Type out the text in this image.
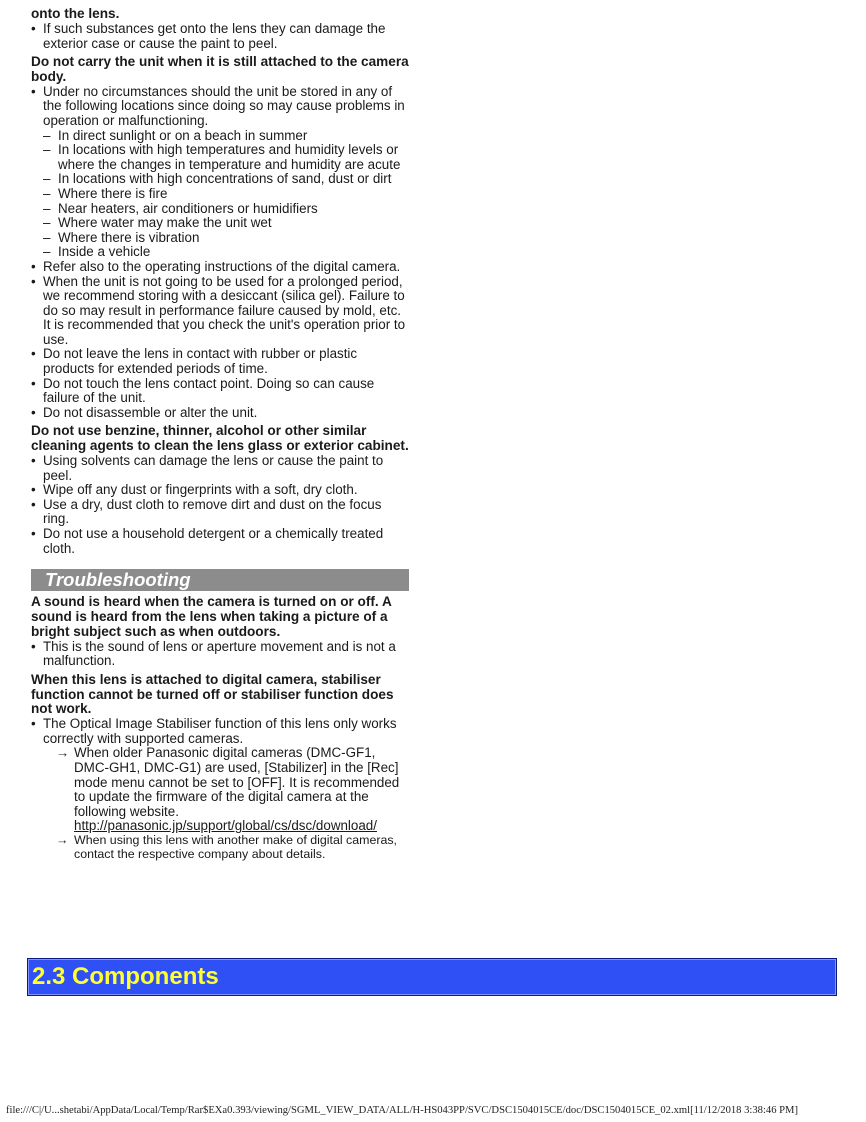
onto the lens.

• If such substances get onto the lens they can damage the exterior case or cause the paint to peel.

Do not carry the unit when it is still attached to the camera body.

• Under no circumstances should the unit be stored in any of the following locations since doing so may cause problems in operation or malfunctioning.

– In direct sunlight or on a beach in summer

– In locations with high temperatures and humidity levels or where the changes in temperature and humidity are acute

– In locations with high concentrations of sand, dust or dirt

– Where there is fire

– Near heaters, air conditioners or humidifiers

– Where water may make the unit wet

– Where there is vibration

– Inside a vehicle

• Refer also to the operating instructions of the digital camera.

• When the unit is not going to be used for a prolonged period, we recommend storing with a desiccant (silica gel). Failure to do so may result in performance failure caused by mold, etc. It is recommended that you check the unit's operation prior to use.

• Do not leave the lens in contact with rubber or plastic products for extended periods of time.

• Do not touch the lens contact point. Doing so can cause failure of the unit.

• Do not disassemble or alter the unit.

Do not use benzine, thinner, alcohol or other similar cleaning agents to clean the lens glass or exterior cabinet.

• Using solvents can damage the lens or cause the paint to peel.

• Wipe off any dust or fingerprints with a soft, dry cloth.

• Use a dry, dust cloth to remove dirt and dust on the focus ring.

• Do not use a household detergent or a chemically treated cloth.

Troubleshooting

A sound is heard when the camera is turned on or off. A sound is heard from the lens when taking a picture of a bright subject such as when outdoors.

• This is the sound of lens or aperture movement and is not a malfunction.

When this lens is attached to digital camera, stabiliser function cannot be turned off or stabiliser function does not work.

• The Optical Image Stabiliser function of this lens only works correctly with supported cameras.

→ When older Panasonic digital cameras (DMC-GF1, DMC-GH1, DMC-G1) are used, [Stabilizer] in the [Rec] mode menu cannot be set to [OFF]. It is recommended to update the firmware of the digital camera at the following website.

http://panasonic.jp/support/global/cs/dsc/download/

→ When using this lens with another make of digital cameras, contact the respective company about details.

2.3 Components
file:///C|/U...shetabi/AppData/Local/Temp/Rar$EXa0.393/viewing/SGML_VIEW_DATA/ALL/H-HS043PP/SVC/DSC1504015CE/doc/DSC1504015CE_02.xml[11/12/2018 3:38:46 PM]
